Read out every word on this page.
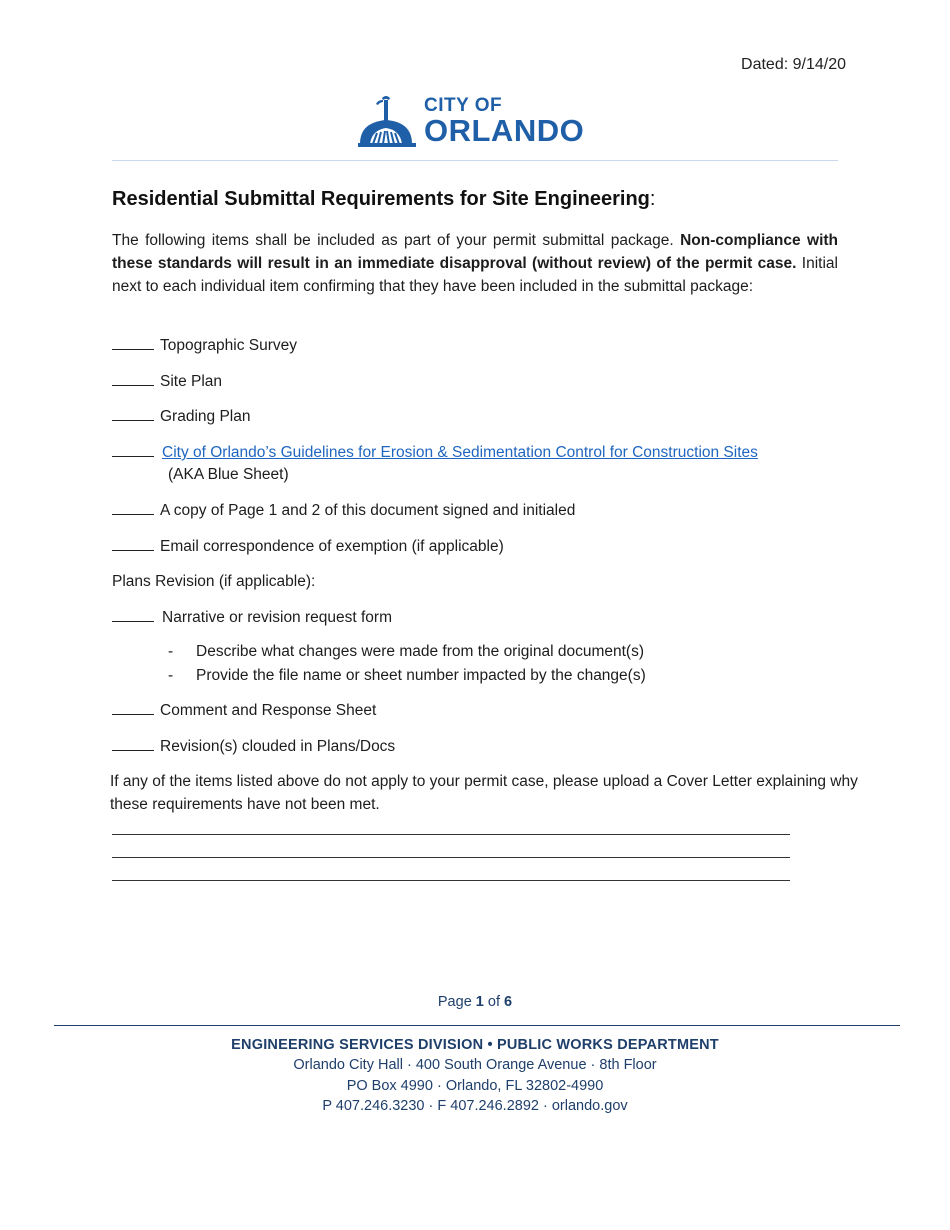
Dated: 9/14/20
CITY OF
ORLANDO
Residential Submittal Requirements for Site Engineering:
The following items shall be included as part of your permit submittal package. Non-compliance with these standards will result in an immediate disapproval (without review) of the permit case. Initial next to each individual item confirming that they have been included in the submittal package:
Topographic Survey
Site Plan
Grading Plan
City of Orlando’s Guidelines for Erosion & Sedimentation Control for Construction Sites
(AKA Blue Sheet)
A copy of Page 1 and 2 of this document signed and initialed
Email correspondence of exemption (if applicable)
Plans Revision (if applicable):
Narrative or revision request form
- Describe what changes were made from the original document(s)
- Provide the file name or sheet number impacted by the change(s)
Comment and Response Sheet
Revision(s) clouded in Plans/Docs
If any of the items listed above do not apply to your permit case, please upload a Cover Letter explaining why these requirements have not been met.
Page 1 of 6
ENGINEERING SERVICES DIVISION • PUBLIC WORKS DEPARTMENT
Orlando City Hall · 400 South Orange Avenue · 8th Floor
PO Box 4990 · Orlando, FL 32802-4990
P 407.246.3230 · F 407.246.2892 · orlando.gov
